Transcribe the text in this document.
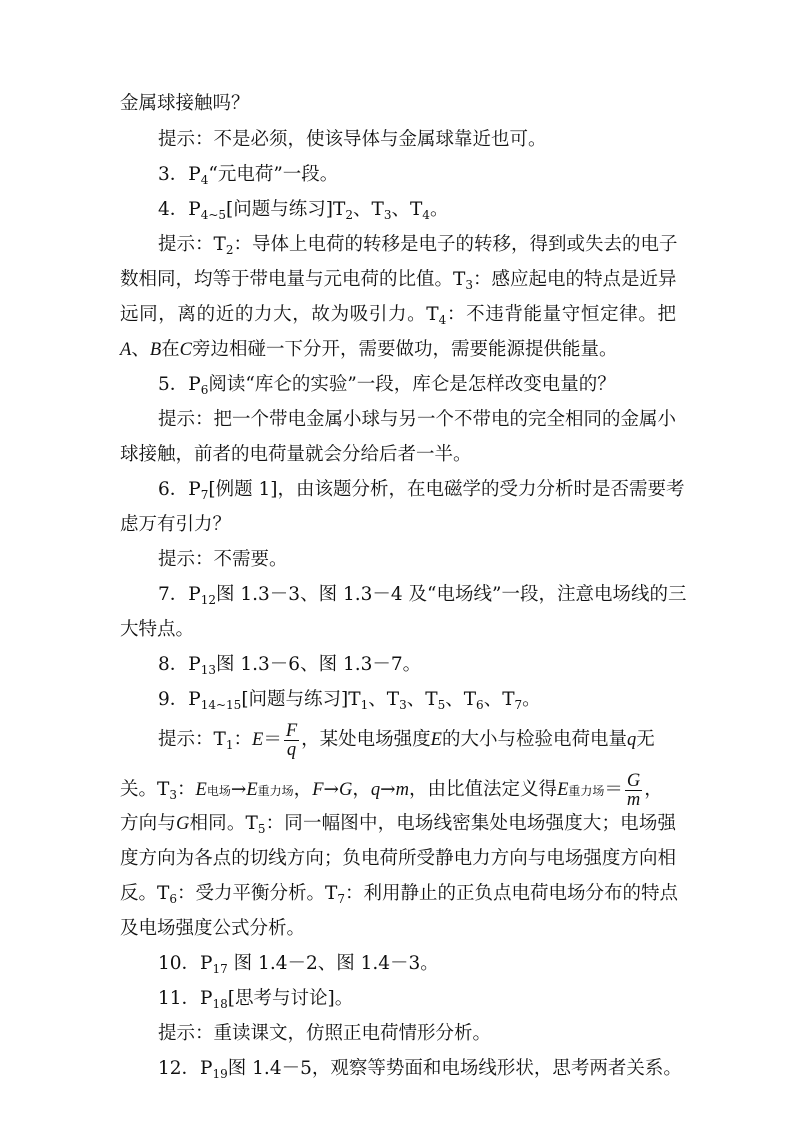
金属球接触吗？
提示：不是必须，使该导体与金属球靠近也可。
3．$P_4“$元电荷”一段。
4．$P_{4\sim 5}$[问题与练习]$T_2$、$T_3$、$T_4$。
提示：$T_2$：导体上电荷的转移是电子的转移，得到或失去的电子
数相同，均等于带电量与元电荷的比值。$T_3$：感应起电的特点是近异
远同，离的近的力大，故为吸引力。$T_4$：不违背能量守恒定律。把
A、B在C旁边相碰一下分开，需要做功，需要能源提供能量。
5．$P_6$阅读“库仑的实验”一段，库仑是怎样改变电量的？
提示：把一个带电金属小球与另一个不带电的完全相同的金属小
球接触，前者的电荷量就会分给后者一半。
6．$P_7$[例题 1]，由该题分析，在电磁学的受力分析时是否需要考
虑万有引力？
提示：不需要。
7．$P_{12}$图 1.3－3、图 1.3－4 及“电场线”一段，注意电场线的三
大特点。
8．$P_{13}$图 1.3－6、图 1.3－7。
9．$P_{14\sim 15}$[问题与练习]$T_1$、$T_3$、$T_5$、$T_6$、$T_7$。
提示：$T_1$：$E= \frac{F}{q}$ ，某处电场强度E的大小与检验电荷电量q无
关。$T_3$：E电场→E重力场，F→G，q→m，由比值法定义得E重力场＝ $\frac{G}{m}$ ，
方向与G相同。$T_5$：同一幅图中，电场线密集处电场强度大；电场强
度方向为各点的切线方向；负电荷所受静电力方向与电场强度方向相
反。$T_6$：受力平衡分析。$T_7$：利用静止的正负点电荷电场分布的特点
及电场强度公式分析。
10．$P_{17}$ 图 1.4－2、图 1.4－3。
11．$P_{18}$[思考与讨论]。
提示：重读课文，仿照正电荷情形分析。
12．$P_{19}$图 1.4－5，观察等势面和电场线形状，思考两者关系。
